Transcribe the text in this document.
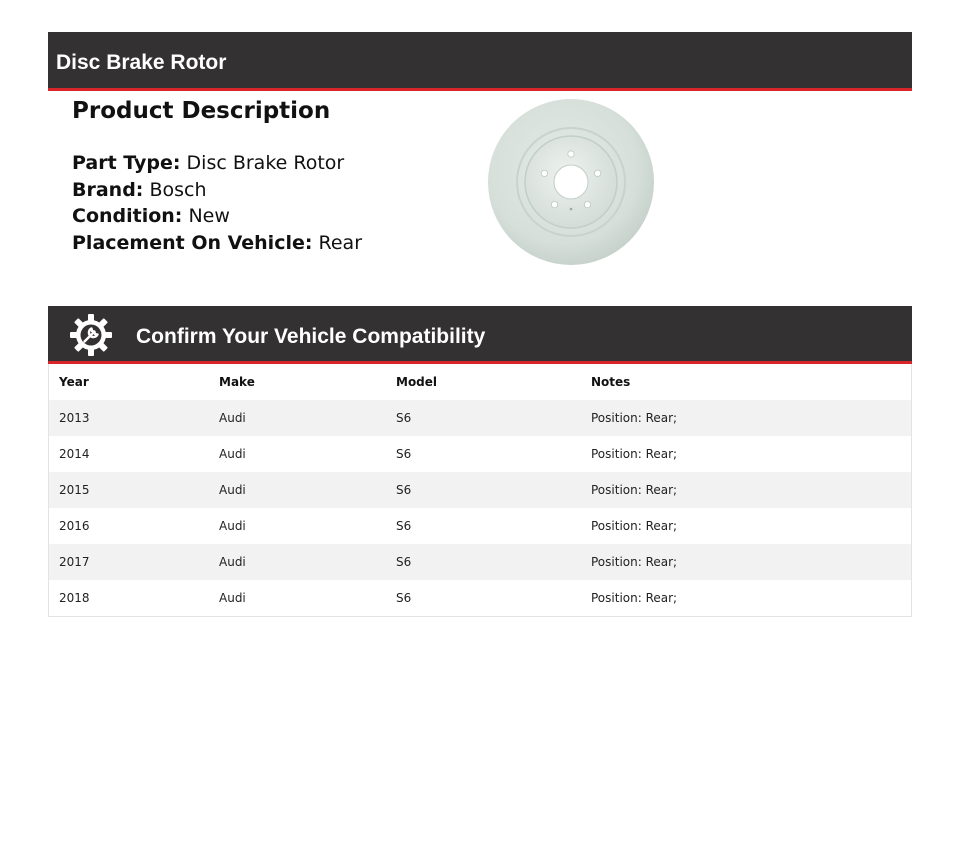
Disc Brake Rotor
Product Description
Part Type: Disc Brake Rotor
Brand: Bosch
Condition: New
Placement On Vehicle: Rear
Confirm Your Vehicle Compatibility
Year	Make	Model	Notes
2013	Audi	S6	Position: Rear;
2014	Audi	S6	Position: Rear;
2015	Audi	S6	Position: Rear;
2016	Audi	S6	Position: Rear;
2017	Audi	S6	Position: Rear;
2018	Audi	S6	Position: Rear;
